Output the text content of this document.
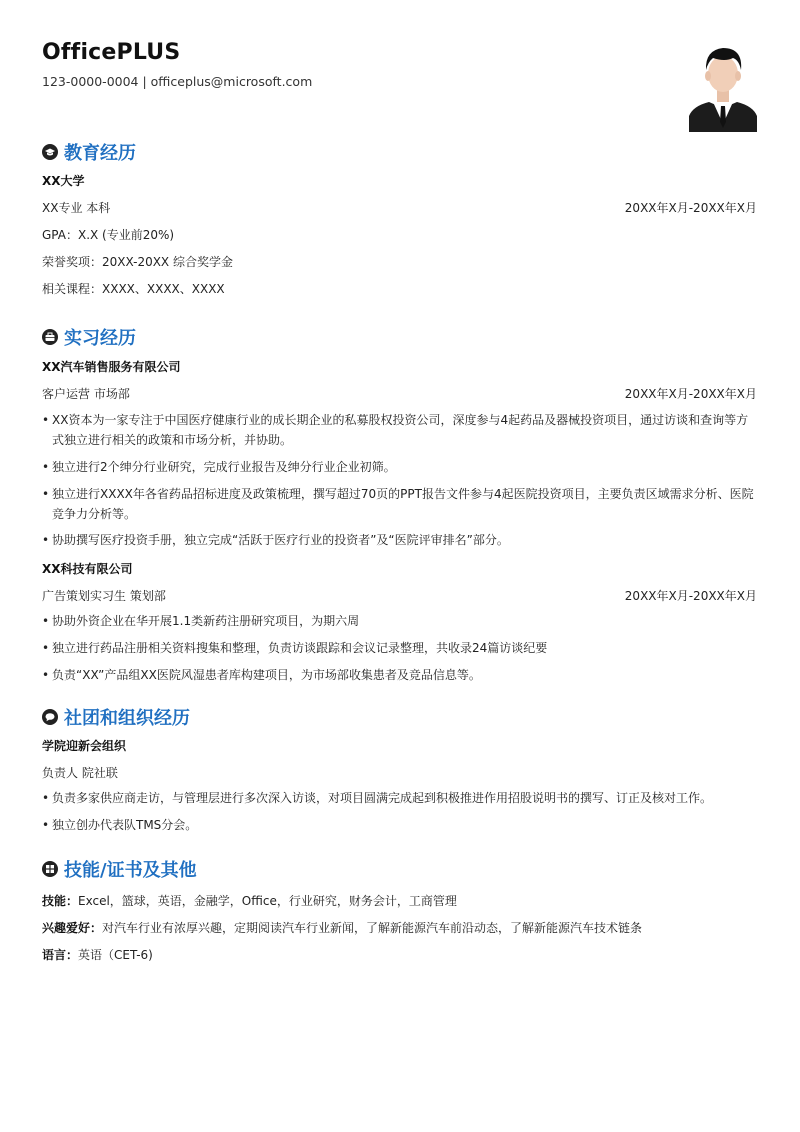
OfficePLUS
123-0000-0004 | officeplus@microsoft.com
教育经历
XX大学
XX专业 本科	20XX年X月-20XX年X月
GPA：X.X (专业前20%)
荣誉奖项：20XX-20XX 综合奖学金
相关课程：XXXX、XXXX、XXXX
实习经历
XX汽车销售服务有限公司
客户运营 市场部	20XX年X月-20XX年X月
• XX资本为一家专注于中国医疗健康行业的成长期企业的私募股权投资公司，深度参与4起药品及器械投资项目，通过访谈和查询等方式独立进行相关的政策和市场分析，并协助。
• 独立进行2个绅分行业研究，完成行业报告及绅分行业企业初筛。
• 独立进行XXXX年各省药品招标进度及政策梳理，撰写超过70页的PPT报告文件参与4起医院投资项目，主要负责区域需求分析、医院竞争力分析等。
• 协助撰写医疗投资手册，独立完成“活跃于医疗行业的投资者”及“医院评审排名”部分。
XX科技有限公司
广告策划实习生 策划部	20XX年X月-20XX年X月
• 协助外资企业在华开展1.1类新药注册研究项目，为期六周
• 独立进行药品注册相关资料搜集和整理，负责访谈跟踪和会议记录整理，共收录24篇访谈纪要
• 负责“XX”产品组XX医院风湿患者库构建项目，为市场部收集患者及竞品信息等。
社团和组织经历
学院迎新会组织
负责人 院社联
• 负责多家供应商走访，与管理层进行多次深入访谈，对项目圆满完成起到积极推进作用招股说明书的撰写、订正及核对工作。
• 独立创办代表队TMS分会。
技能/证书及其他
技能：Excel，篮球，英语，金融学，Office，行业研究，财务会计，工商管理
兴趣爱好：对汽车行业有浓厚兴趣，定期阅读汽车行业新闻，了解新能源汽车前沿动态，了解新能源汽车技术链条
语言：英语（CET-6)
